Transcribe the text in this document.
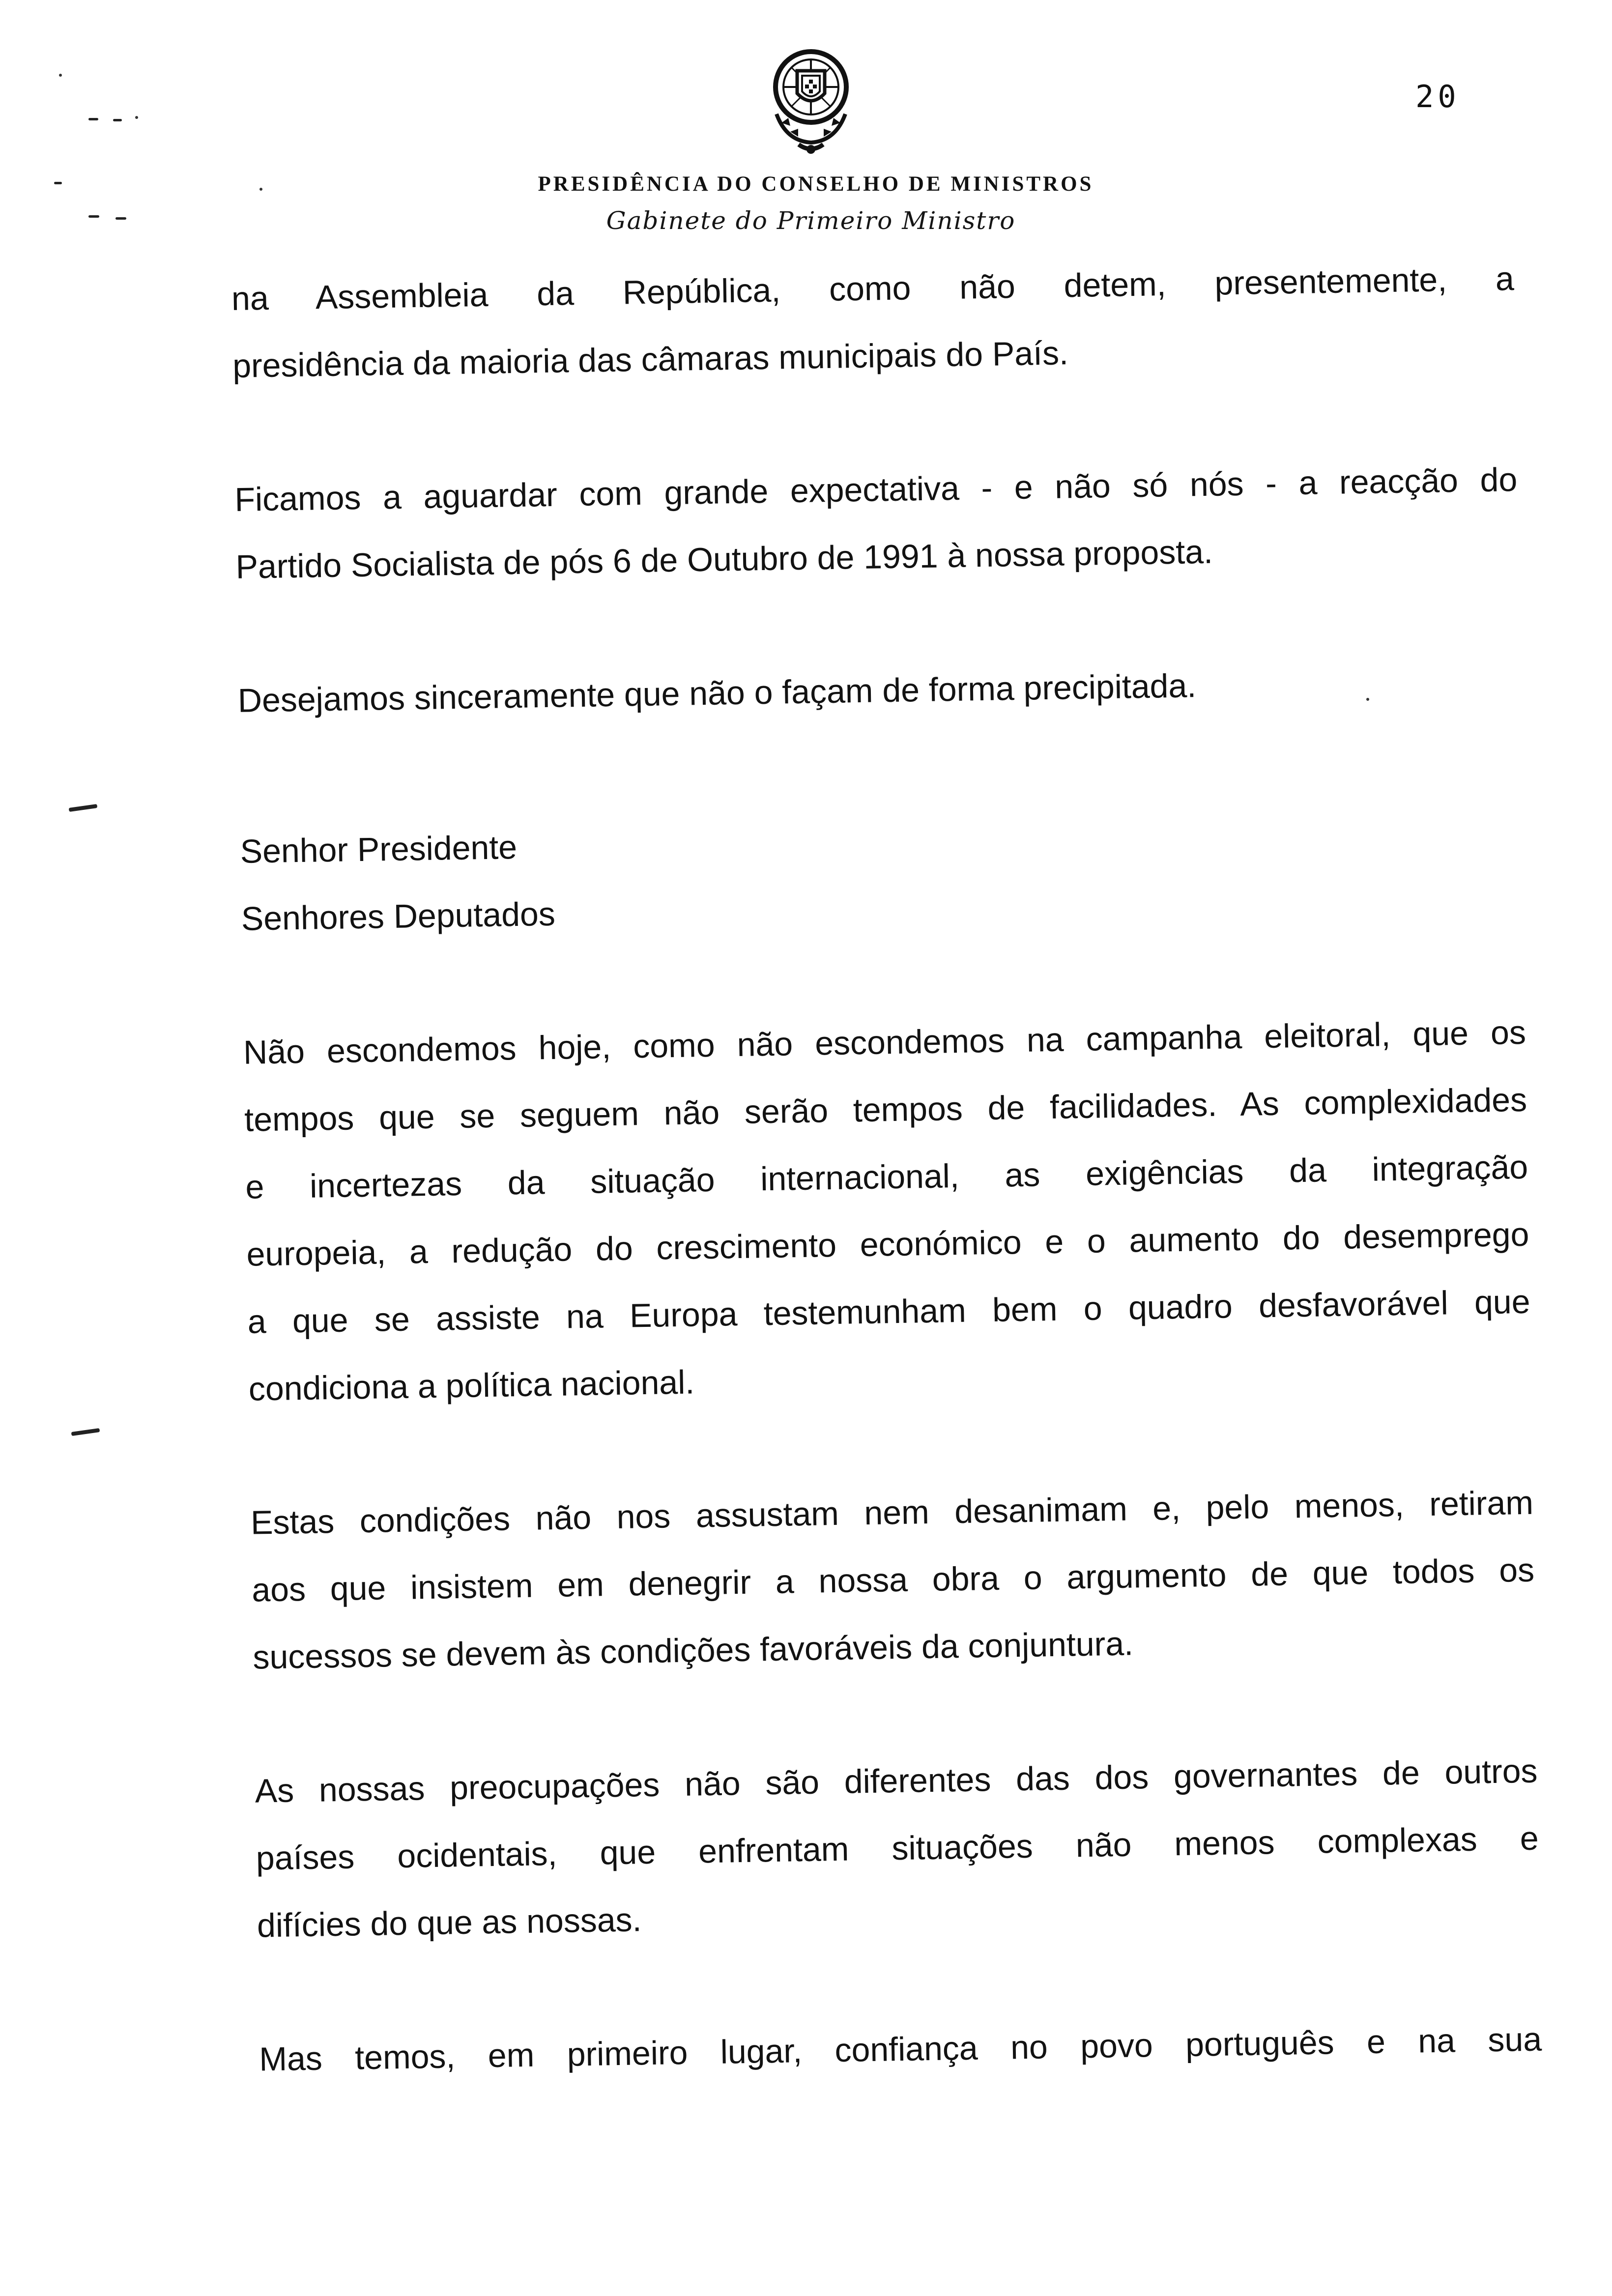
20
PRESIDÊNCIA DO CONSELHO DE MINISTROS
Gabinete do Primeiro Ministro
na Assembleia da República, como não detem, presentemente, a
presidência da maioria das câmaras municipais do País.
Ficamos a aguardar com grande expectativa - e não só nós - a reacção do
Partido Socialista de pós 6 de Outubro de 1991 à nossa proposta.
Desejamos sinceramente que não o façam de forma precipitada.
Senhor Presidente
Senhores Deputados
Não escondemos hoje, como não escondemos na campanha eleitoral, que os
tempos que se seguem não serão tempos de facilidades. As complexidades
e incertezas da situação internacional, as exigências da integração
europeia, a redução do crescimento económico e o aumento do desemprego
a que se assiste na Europa testemunham bem o quadro desfavorável que
condiciona a política nacional.
Estas condições não nos assustam nem desanimam e, pelo menos, retiram
aos que insistem em denegrir a nossa obra o argumento de que todos os
sucessos se devem às condições favoráveis da conjuntura.
As nossas preocupações não são diferentes das dos governantes de outros
países ocidentais, que enfrentam situações não menos complexas e
difícies do que as nossas.
Mas temos, em primeiro lugar, confiança no povo português e na sua
